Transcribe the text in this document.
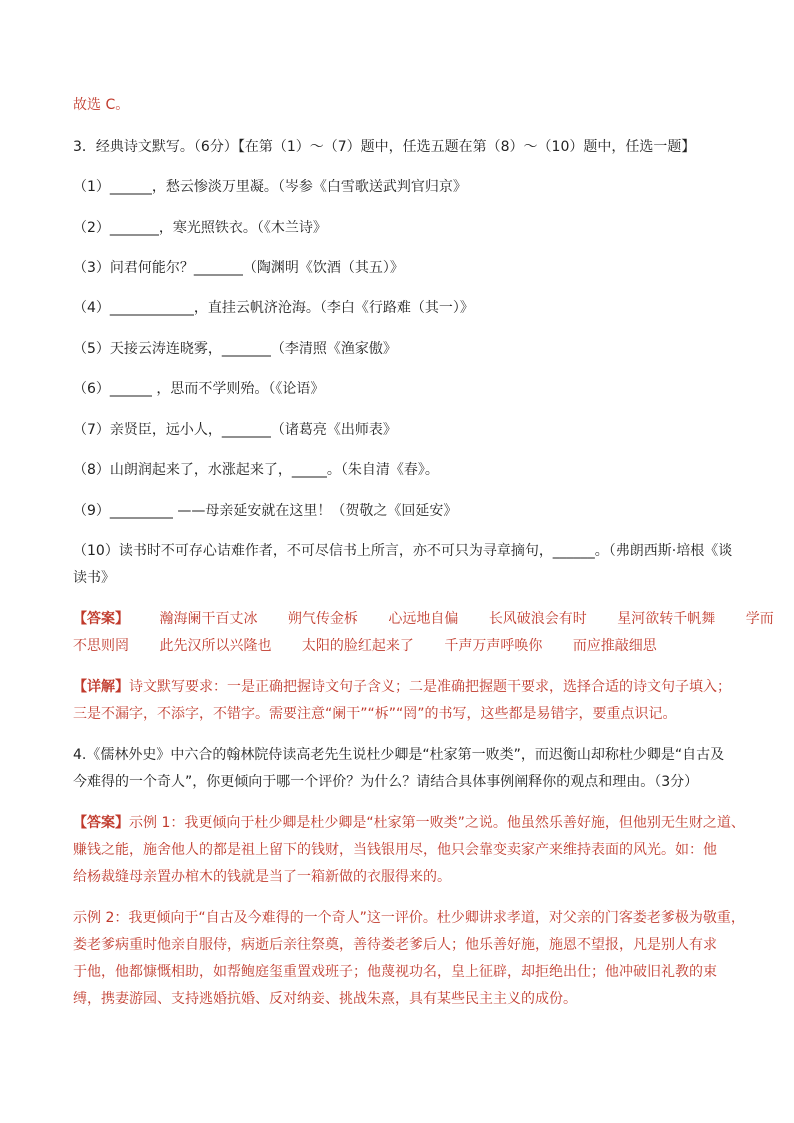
故选 C。
3．经典诗文默写。（6分）【在第（1）～（7）题中，任选五题在第（8）～（10）题中，任选一题】
（1）______，愁云惨淡万里凝。（岑参《白雪歌送武判官归京》
（2）_______，寒光照铁衣。（《木兰诗》
（3）问君何能尔？_______（陶渊明《饮酒（其五）》
（4）____________，直挂云帆济沧海。（李白《行路难（其一）》
（5）天接云涛连晓雾，_______（李清照《渔家傲》
（6）______ ，思而不学则殆。（《论语》
（7）亲贤臣，远小人，_______（诸葛亮《出师表》
（8）山朗润起来了，水涨起来了，_____。（朱自清《春》。
（9）_________ ——母亲延安就在这里！（贺敬之《回延安》
（10）读书时不可存心诘难作者，不可尽信书上所言，亦不可只为寻章摘句，______。（弗朗西斯·培根《谈
读书》
【答案】 瀚海阑干百丈冰 朔气传金柝 心远地自偏 长风破浪会有时 星河欲转千帆舞 学而
不思则罔 此先汉所以兴隆也 太阳的脸红起来了 千声万声呼唤你 而应推敲细思
【详解】诗文默写要求：一是正确把握诗文句子含义；二是准确把握题干要求，选择合适的诗文句子填入；
三是不漏字，不添字，不错字。需要注意“阑干”“柝”“罔”的书写，这些都是易错字，要重点识记。
4.《儒林外史》中六合的翰林院侍读高老先生说杜少卿是“杜家第一败类”，而迟衡山却称杜少卿是“自古及
今难得的一个奇人”，你更倾向于哪一个评价？为什么？请结合具体事例阐释你的观点和理由。（3分）
【答案】示例 1：我更倾向于杜少卿是杜少卿是“杜家第一败类”之说。他虽然乐善好施，但他别无生财之道、
赚钱之能，施舍他人的都是祖上留下的钱财，当钱银用尽，他只会靠变卖家产来维持表面的风光。如：他
给杨裁缝母亲置办棺木的钱就是当了一箱新做的衣服得来的。
示例 2：我更倾向于“自古及今难得的一个奇人”这一评价。杜少卿讲求孝道，对父亲的门客娄老爹极为敬重，
娄老爹病重时他亲自服侍，病逝后亲往祭奠，善待娄老爹后人；他乐善好施，施恩不望报，凡是别人有求
于他，他都慷慨相助，如帮鲍庭玺重置戏班子；他蔑视功名，皇上征辟，却拒绝出仕；他冲破旧礼教的束
缚，携妻游园、支持逃婚抗婚、反对纳妾、挑战朱熹，具有某些民主主义的成份。
